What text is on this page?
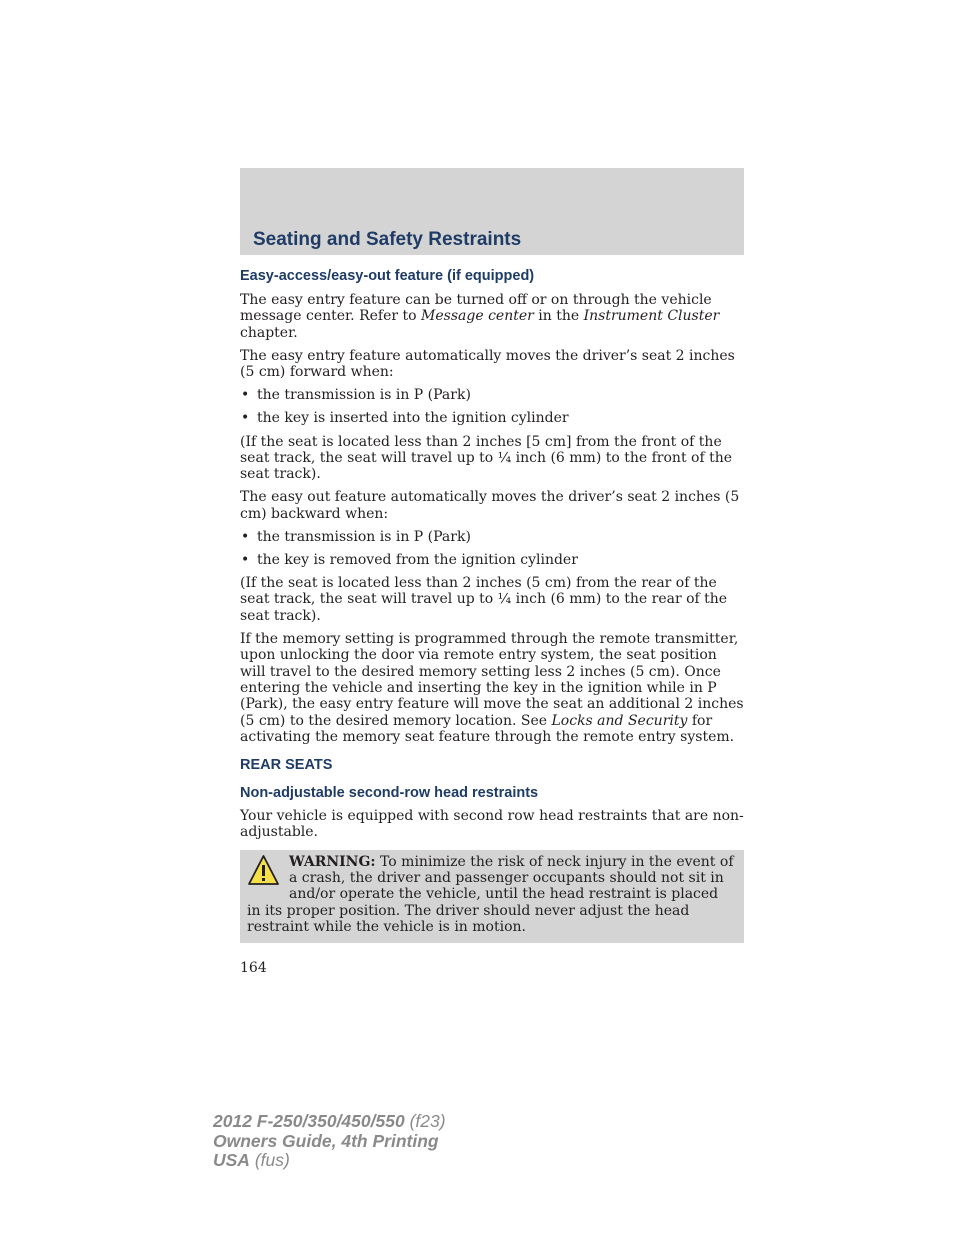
Seating and Safety Restraints
Easy-access/easy-out feature (if equipped)

The easy entry feature can be turned off or on through the vehicle message center. Refer to Message center in the Instrument Cluster chapter.

The easy entry feature automatically moves the driver’s seat 2 inches (5 cm) forward when:

• the transmission is in P (Park)
• the key is inserted into the ignition cylinder

(If the seat is located less than 2 inches [5 cm] from the front of the seat track, the seat will travel up to ¼ inch (6 mm) to the front of the seat track).

The easy out feature automatically moves the driver’s seat 2 inches (5 cm) backward when:

• the transmission is in P (Park)
• the key is removed from the ignition cylinder

(If the seat is located less than 2 inches (5 cm) from the rear of the seat track, the seat will travel up to ¼ inch (6 mm) to the rear of the seat track).

If the memory setting is programmed through the remote transmitter, upon unlocking the door via remote entry system, the seat position will travel to the desired memory setting less 2 inches (5 cm). Once entering the vehicle and inserting the key in the ignition while in P (Park), the easy entry feature will move the seat an additional 2 inches (5 cm) to the desired memory location. See Locks and Security for activating the memory seat feature through the remote entry system.

REAR SEATS
Non-adjustable second-row head restraints

Your vehicle is equipped with second row head restraints that are non-adjustable.

WARNING: To minimize the risk of neck injury in the event of a crash, the driver and passenger occupants should not sit in and/or operate the vehicle, until the head restraint is placed in its proper position. The driver should never adjust the head restraint while the vehicle is in motion.
164
2012 F-250/350/450/550 (f23)
Owners Guide, 4th Printing
USA (fus)
